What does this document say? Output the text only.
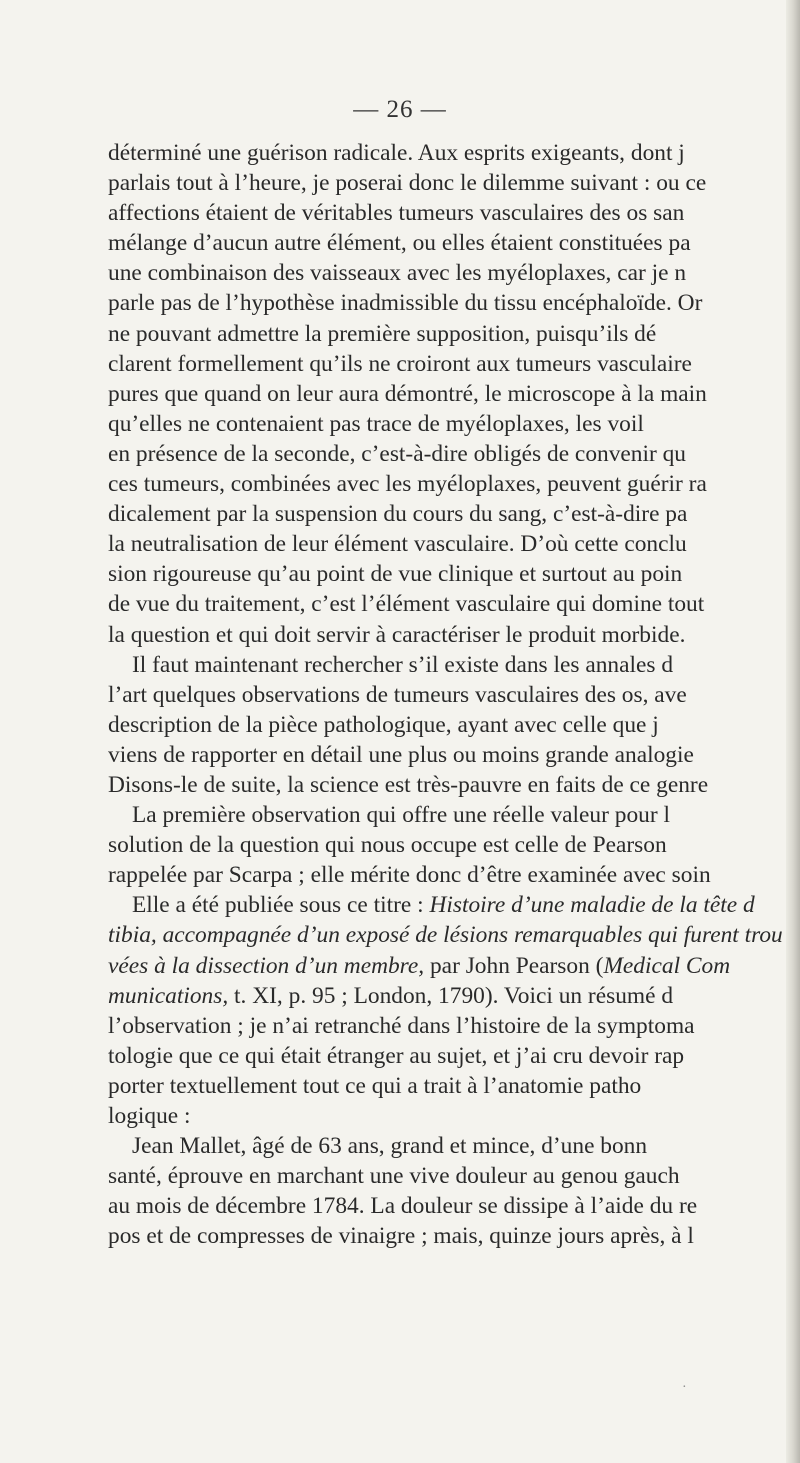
— 26 —
déterminé une guérison radicale. Aux esprits exigeants, dont j
parlais tout à l’heure, je poserai donc le dilemme suivant : ou ce
affections étaient de véritables tumeurs vasculaires des os san
mélange d’aucun autre élément, ou elles étaient constituées pa
une combinaison des vaisseaux avec les myéloplaxes, car je n
parle pas de l’hypothèse inadmissible du tissu encéphaloïde. Or
ne pouvant admettre la première supposition, puisqu’ils dé
clarent formellement qu’ils ne croiront aux tumeurs vasculaire
pures que quand on leur aura démontré, le microscope à la main
qu’elles ne contenaient pas trace de myéloplaxes, les voil
en présence de la seconde, c’est-à-dire obligés de convenir qu
ces tumeurs, combinées avec les myéloplaxes, peuvent guérir ra
dicalement par la suspension du cours du sang, c’est-à-dire pa
la neutralisation de leur élément vasculaire. D’où cette conclu
sion rigoureuse qu’au point de vue clinique et surtout au poin
de vue du traitement, c’est l’élément vasculaire qui domine tout
la question et qui doit servir à caractériser le produit morbide.
Il faut maintenant rechercher s’il existe dans les annales d
l’art quelques observations de tumeurs vasculaires des os, ave
description de la pièce pathologique, ayant avec celle que j
viens de rapporter en détail une plus ou moins grande analogie
Disons-le de suite, la science est très-pauvre en faits de ce genre
La première observation qui offre une réelle valeur pour l
solution de la question qui nous occupe est celle de Pearson
rappelée par Scarpa ; elle mérite donc d’être examinée avec soin
Elle a été publiée sous ce titre : Histoire d’une maladie de la tête d
tibia, accompagnée d’un exposé de lésions remarquables qui furent trou
vées à la dissection d’un membre, par John Pearson (Medical Com
munications, t. XI, p. 95 ; London, 1790). Voici un résumé d
l’observation ; je n’ai retranché dans l’histoire de la symptoma
tologie que ce qui était étranger au sujet, et j’ai cru devoir rap
porter textuellement tout ce qui a trait à l’anatomie patho
logique :
Jean Mallet, âgé de 63 ans, grand et mince, d’une bonn
santé, éprouve en marchant une vive douleur au genou gauch
au mois de décembre 1784. La douleur se dissipe à l’aide du re
pos et de compresses de vinaigre ; mais, quinze jours après, à l
·
